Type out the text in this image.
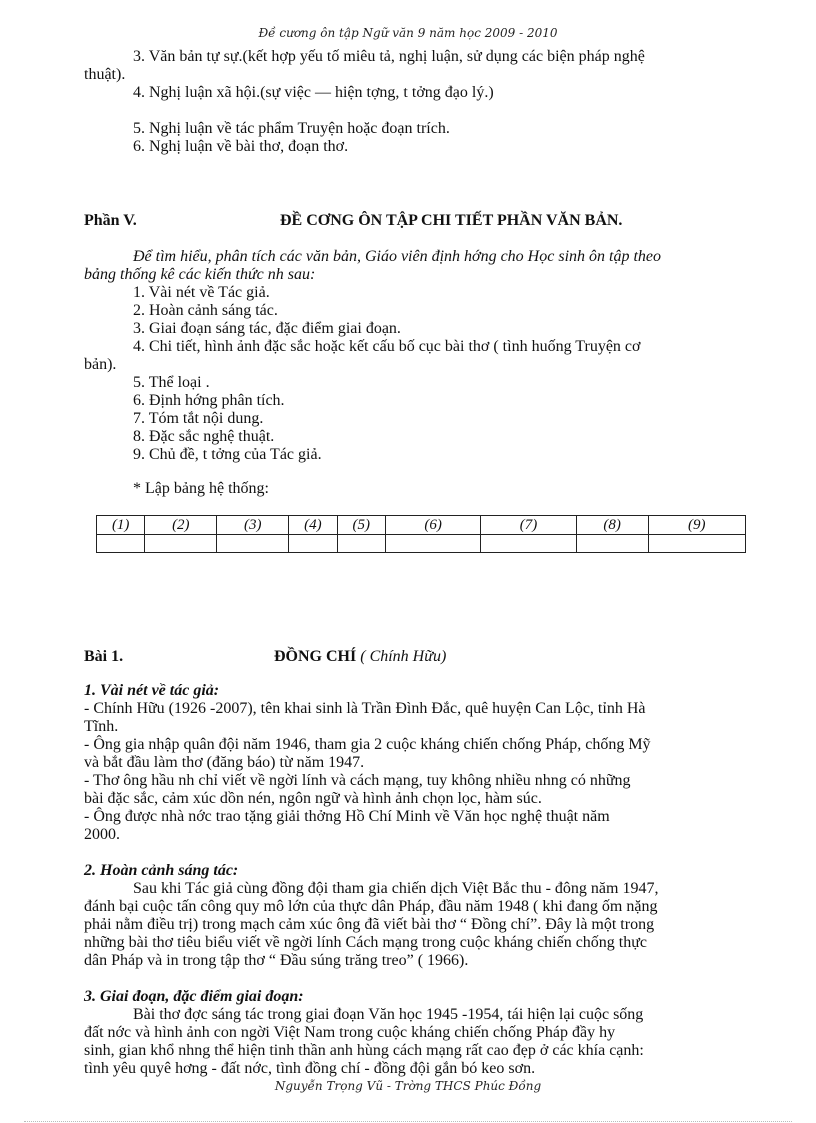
Đề cương ôn tập Ngữ văn 9 năm học 2009 - 2010

3. Văn bản tự sự.(kết hợp yếu tố miêu tả, nghị luận, sử dụng các biện pháp nghệ

thuật).

4. Nghị luận xã hội.(sự việc — hiện tợng, t tởng đạo lý.)

5. Nghị luận về tác phẩm Truyện hoặc đoạn trích.

6. Nghị luận về bài thơ, đoạn thơ.

Phần V.	ĐỀ CƠNG ÔN TẬP CHI TIẾT PHẦN VĂN BẢN.

Để tìm hiểu, phân tích các văn bản, Giáo viên định hớng cho Học sinh ôn tập theo

bảng thống kê các kiến thức nh sau:

1. Vài nét về Tác giả.

2. Hoàn cảnh sáng tác.

3. Giai đoạn sáng tác, đặc điểm giai đoạn.

4. Chi tiết, hình ảnh đặc sắc hoặc kết cấu bố cục bài thơ ( tình huống Truyện cơ

bản).

5. Thể loại .

6. Định hớng phân tích.

7. Tóm tắt nội dung.

8. Đặc sắc nghệ thuật.

9. Chủ đề, t tởng của Tác giả.

* Lập bảng hệ thống:

(1)	(2)	(3)	(4)	(5)	(6)	(7)	(8)	(9)

Bài 1.	ĐỒNG CHÍ ( Chính Hữu)

1. Vài nét về tác giả:

- Chính Hữu (1926 -2007), tên khai sinh là Trần Đình Đắc, quê huyện Can Lộc, tỉnh Hà

Tĩnh.

- Ông gia nhập quân đội năm 1946, tham gia 2 cuộc kháng chiến chống Pháp, chống Mỹ

và bắt đầu làm thơ (đăng báo) từ năm 1947.

- Thơ ông hầu nh chỉ viết về ngời lính và cách mạng, tuy không nhiều nhng có những

bài đặc sắc, cảm xúc dồn nén, ngôn ngữ và hình ảnh chọn lọc, hàm súc.

- Ông được nhà nớc trao tặng giải thởng Hồ Chí Minh về Văn học nghệ thuật năm

2000.

2. Hoàn cảnh sáng tác:

Sau khi Tác giả cùng đồng đội tham gia chiến dịch Việt Bắc thu - đông năm 1947,

đánh bại cuộc tấn công quy mô lớn của thực dân Pháp, đầu năm 1948 ( khi đang ốm nặng

phải nằm điều trị) trong mạch cảm xúc ông đã viết bài thơ “ Đồng chí”. Đây là một trong

những bài thơ tiêu biểu viết về ngời lính Cách mạng trong cuộc kháng chiến chống thực

dân Pháp và in trong tập thơ “ Đầu súng trăng treo” ( 1966).

3. Giai đoạn, đặc điểm giai đoạn:

Bài thơ đợc sáng tác trong giai đoạn Văn học 1945 -1954, tái hiện lại cuộc sống

đất nớc và hình ảnh con ngời Việt Nam trong cuộc kháng chiến chống Pháp đầy hy

sinh, gian khổ nhng thể hiện tinh thần anh hùng cách mạng rất cao đẹp ở các khía cạnh:

tình yêu quyê hơng - đất nớc, tình đồng chí - đồng đội gắn bó keo sơn.

Nguyễn Trọng Vũ - Trờng THCS Phúc Đồng
